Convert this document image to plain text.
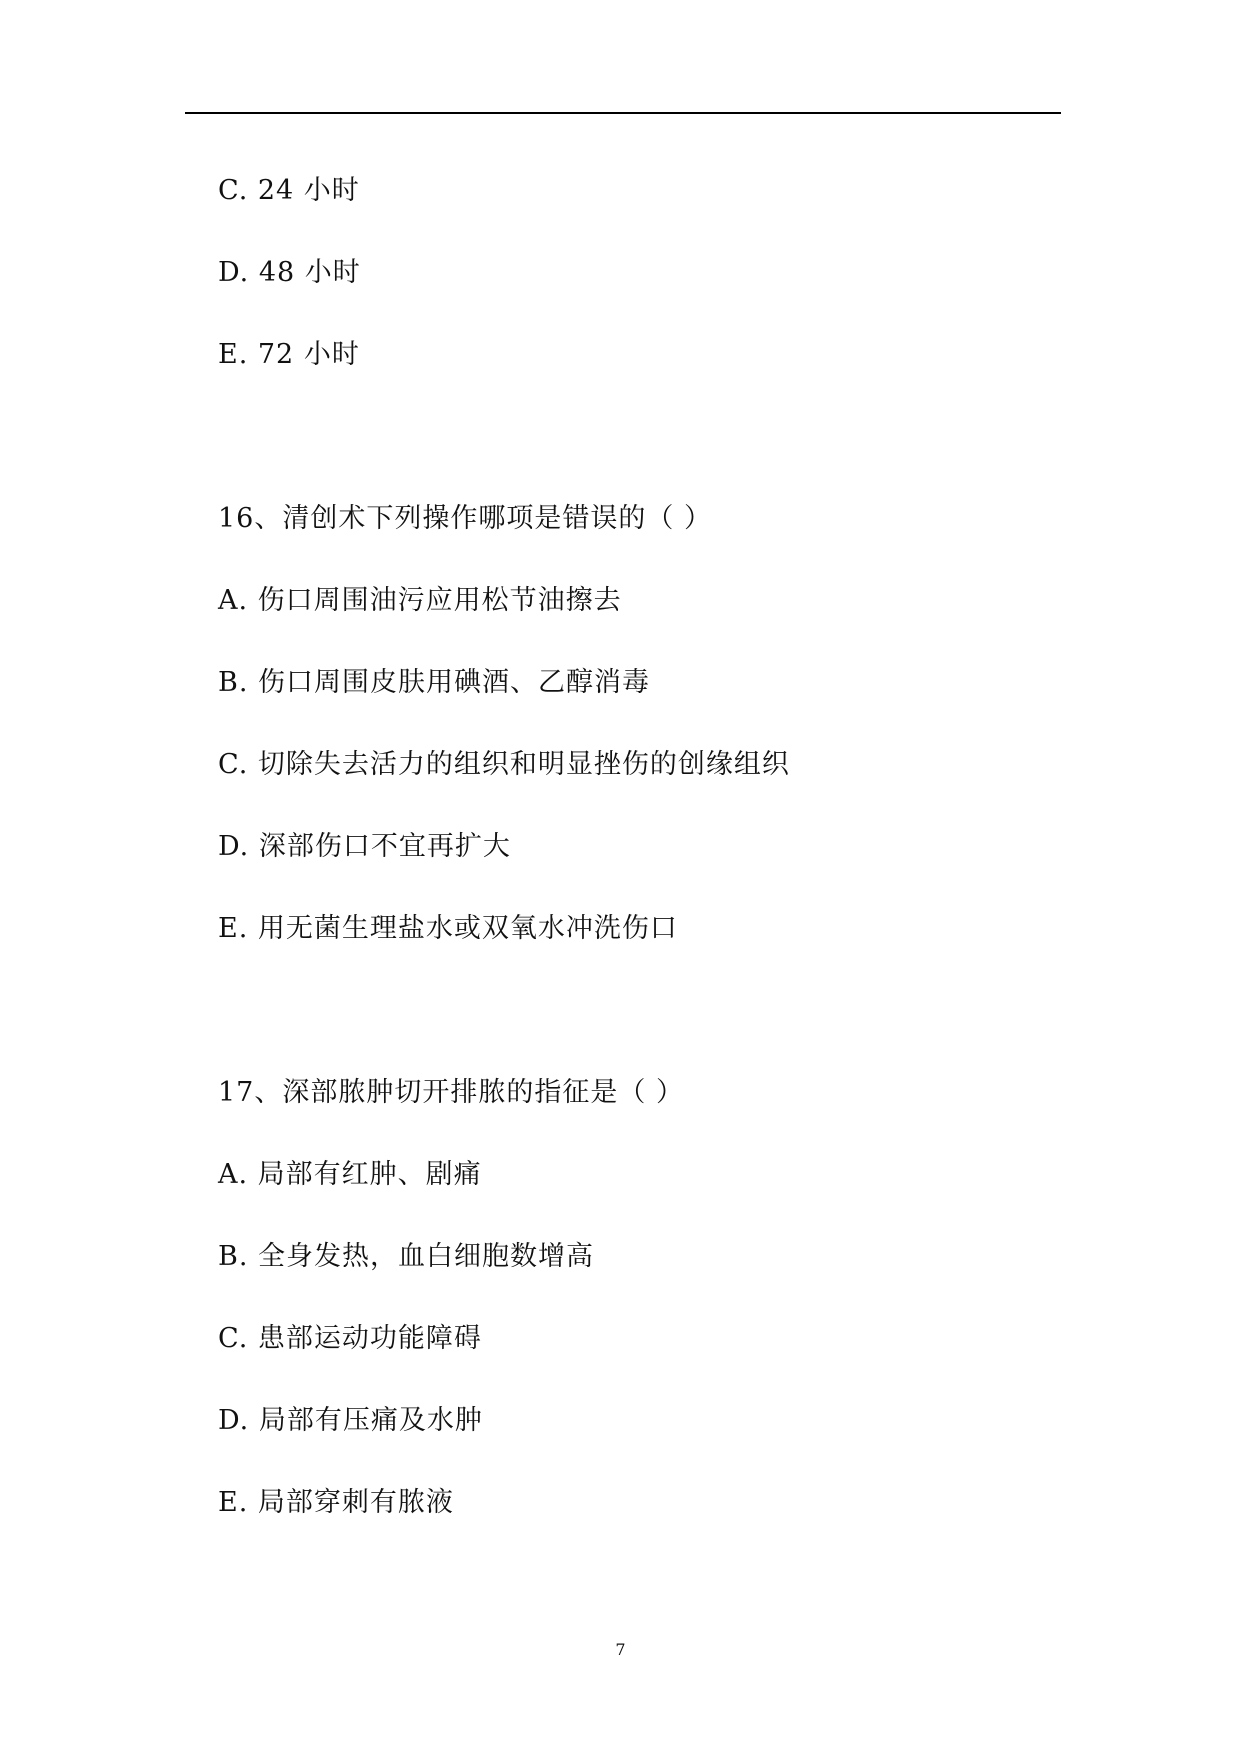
C. 24 小时
D. 48 小时
E. 72 小时
16、清创术下列操作哪项是错误的（ ）
A. 伤口周围油污应用松节油擦去
B. 伤口周围皮肤用碘酒、乙醇消毒
C. 切除失去活力的组织和明显挫伤的创缘组织
D. 深部伤口不宜再扩大
E. 用无菌生理盐水或双氧水冲洗伤口
17、深部脓肿切开排脓的指征是（ ）
A. 局部有红肿、剧痛
B. 全身发热，血白细胞数增高
C. 患部运动功能障碍
D. 局部有压痛及水肿
E. 局部穿刺有脓液
7
